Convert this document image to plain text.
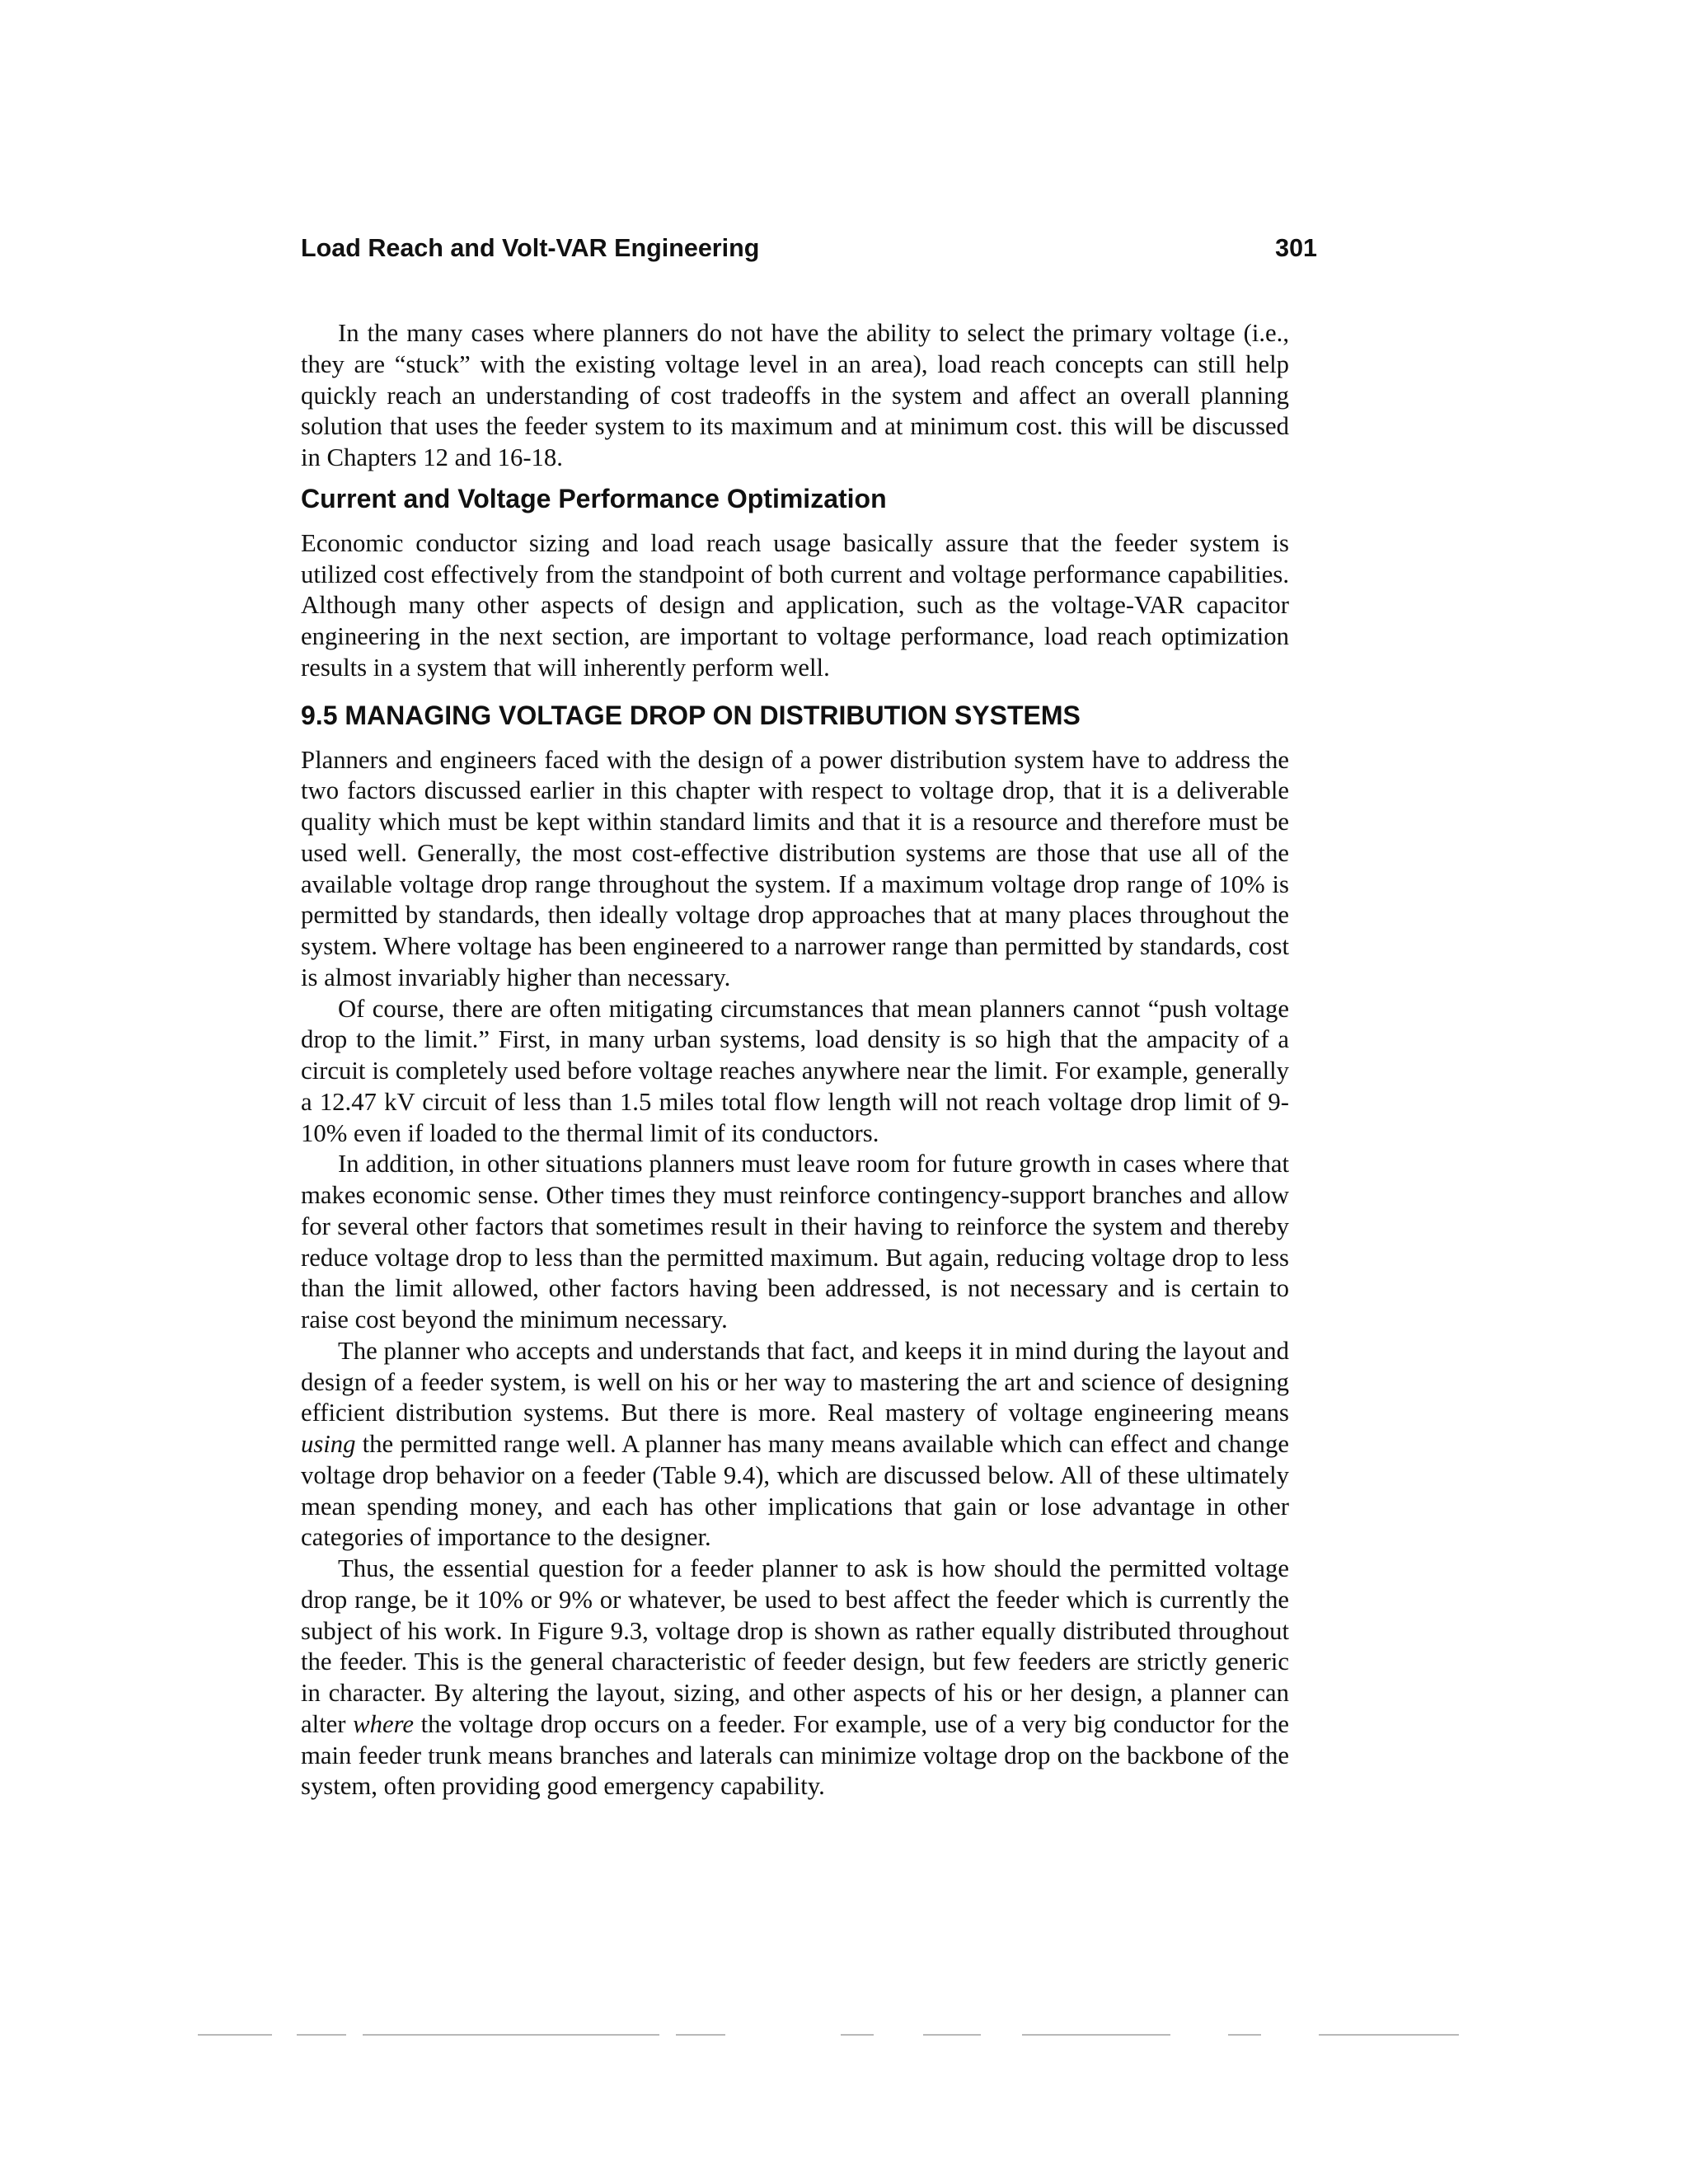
Load Reach and Volt-VAR Engineering	301

In the many cases where planners do not have the ability to select the primary voltage (i.e., they are “stuck” with the existing voltage level in an area), load reach concepts can still help quickly reach an understanding of cost tradeoffs in the system and affect an overall planning solution that uses the feeder system to its maximum and at minimum cost. this will be discussed in Chapters 12 and 16-18.

Current and Voltage Performance Optimization

Economic conductor sizing and load reach usage basically assure that the feeder system is utilized cost effectively from the standpoint of both current and voltage performance capabilities. Although many other aspects of design and application, such as the voltage-VAR capacitor engineering in the next section, are important to voltage performance, load reach optimization results in a system that will inherently perform well.

9.5 MANAGING VOLTAGE DROP ON DISTRIBUTION SYSTEMS

Planners and engineers faced with the design of a power distribution system have to address the two factors discussed earlier in this chapter with respect to voltage drop, that it is a deliverable quality which must be kept within standard limits and that it is a resource and therefore must be used well. Generally, the most cost-effective distribution systems are those that use all of the available voltage drop range throughout the system. If a maximum voltage drop range of 10% is permitted by standards, then ideally voltage drop approaches that at many places throughout the system. Where voltage has been engineered to a narrower range than permitted by standards, cost is almost invariably higher than necessary.

Of course, there are often mitigating circumstances that mean planners cannot “push voltage drop to the limit.” First, in many urban systems, load density is so high that the ampacity of a circuit is completely used before voltage reaches anywhere near the limit. For example, generally a 12.47 kV circuit of less than 1.5 miles total flow length will not reach voltage drop limit of 9-10% even if loaded to the thermal limit of its conductors.

In addition, in other situations planners must leave room for future growth in cases where that makes economic sense. Other times they must reinforce contingency-support branches and allow for several other factors that sometimes result in their having to reinforce the system and thereby reduce voltage drop to less than the permitted maximum. But again, reducing voltage drop to less than the limit allowed, other factors having been addressed, is not necessary and is certain to raise cost beyond the minimum necessary.

The planner who accepts and understands that fact, and keeps it in mind during the layout and design of a feeder system, is well on his or her way to mastering the art and science of designing efficient distribution systems. But there is more. Real mastery of voltage engineering means using the permitted range well. A planner has many means available which can effect and change voltage drop behavior on a feeder (Table 9.4), which are discussed below. All of these ultimately mean spending money, and each has other implications that gain or lose advantage in other categories of importance to the designer.

Thus, the essential question for a feeder planner to ask is how should the permitted voltage drop range, be it 10% or 9% or whatever, be used to best affect the feeder which is currently the subject of his work. In Figure 9.3, voltage drop is shown as rather equally distributed throughout the feeder. This is the general characteristic of feeder design, but few feeders are strictly generic in character. By altering the layout, sizing, and other aspects of his or her design, a planner can alter where the voltage drop occurs on a feeder. For example, use of a very big conductor for the main feeder trunk means branches and laterals can minimize voltage drop on the backbone of the system, often providing good emergency capability.
